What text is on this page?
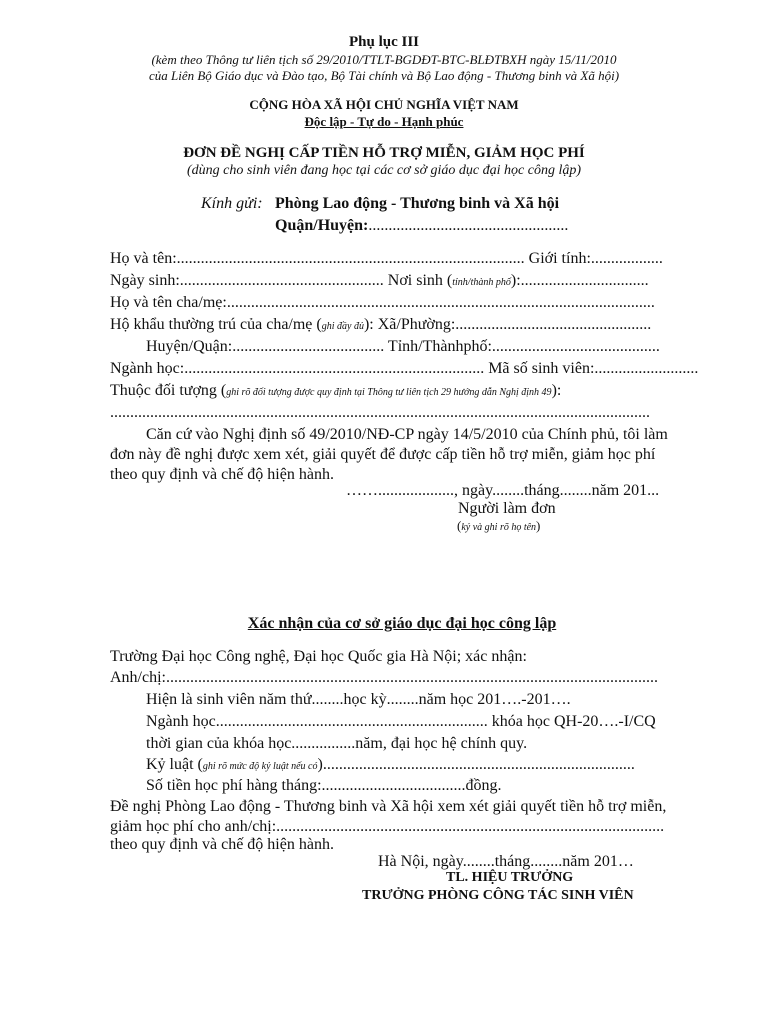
Phụ lục III
(kèm theo Thông tư liên tịch số 29/2010/TTLT-BGDĐT-BTC-BLĐTBXH ngày 15/11/2010
của Liên Bộ Giáo dục và Đào tạo, Bộ Tài chính và Bộ Lao động - Thương binh và Xã hội)
CỘNG HÒA XÃ HỘI CHỦ NGHĨA VIỆT NAM
Độc lập - Tự do - Hạnh phúc
ĐƠN ĐỀ NGHỊ CẤP TIỀN HỖ TRỢ MIỄN, GIẢM HỌC PHÍ
(dùng cho sinh viên đang học tại các cơ sở giáo dục đại học công lập)
Kính gửi: Phòng Lao động - Thương binh và Xã hội
Quận/Huyện:..................................................
Họ và tên:....................................................................................... Giới tính:..................
Ngày sinh:................................................... Nơi sinh (tỉnh/thành phố):................................
Họ và tên cha/mẹ:...........................................................................................................
Hộ khẩu thường trú của cha/mẹ (ghi đầy đủ): Xã/Phường:.................................................
Huyện/Quận:...................................... Tỉnh/Thànhphố:..........................................
Ngành học:........................................................................... Mã số sinh viên:..........................
Thuộc đối tượng (ghi rõ đối tượng được quy định tại Thông tư liên tịch 29 hướng dẫn Nghị định 49):
.......................................................................................................................................
Căn cứ vào Nghị định số 49/2010/NĐ-CP ngày 14/5/2010 của Chính phủ, tôi làm
đơn này đề nghị được xem xét, giải quyết để được cấp tiền hỗ trợ miễn, giảm học phí
theo quy định và chế độ hiện hành.
……..................., ngày........tháng........năm 201...
Người làm đơn
(ký và ghi rõ họ tên)
Xác nhận của cơ sở giáo dục đại học công lập
Trường Đại học Công nghệ, Đại học Quốc gia Hà Nội; xác nhận:
Anh/chị:...........................................................................................................................
Hiện là sinh viên năm thứ........học kỳ........năm học 201….-201….
Ngành học.................................................................... khóa học QH-20….-I/CQ
thời gian của khóa học................năm, đại học hệ chính quy.
Kỷ luật (ghi rõ mức độ kỷ luật nếu có)..............................................................................
Số tiền học phí hàng tháng:....................................đồng.
Đề nghị Phòng Lao động - Thương binh và Xã hội xem xét giải quyết tiền hỗ trợ miễn,
giảm học phí cho anh/chị:.................................................................................................
theo quy định và chế độ hiện hành.
Hà Nội, ngày........tháng........năm 201…
TL. HIỆU TRƯỞNG
TRƯỞNG PHÒNG CÔNG TÁC SINH VIÊN
